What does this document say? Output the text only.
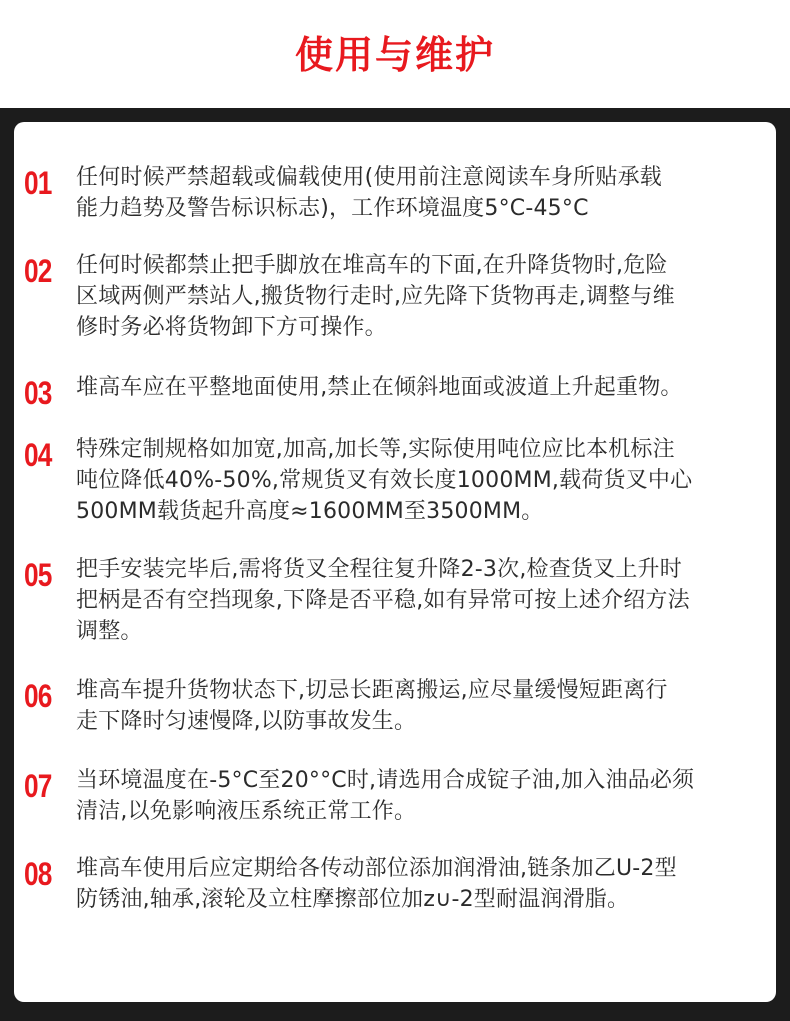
使用与维护
01 任何时候严禁超载或偏载使用(使用前注意阅读车身所贴承载
能力趋势及警告标识标志)，工作环境温度5°C-45°C
02 任何时候都禁止把手脚放在堆高车的下面,在升降货物时,危险
区域两侧严禁站人,搬货物行走时,应先降下货物再走,调整与维
修时务必将货物卸下方可操作。
03 堆高车应在平整地面使用,禁止在倾斜地面或波道上升起重物。
04 特殊定制规格如加宽,加高,加长等,实际使用吨位应比本机标注
吨位降低40%-50%,常规货叉有效长度1000MM,载荷货叉中心
500MM载货起升高度≈1600MM至3500MM。
05 把手安装完毕后,需将货叉全程往复升降2-3次,检查货叉上升时
把柄是否有空挡现象,下降是否平稳,如有异常可按上述介绍方法
调整。
06 堆高车提升货物状态下,切忌长距离搬运,应尽量缓慢短距离行
走下降时匀速慢降,以防事故发生。
07 当环境温度在-5°C至20°°C时,请选用合成锭子油,加入油品必须
清洁,以免影响液压系统正常工作。
08 堆高车使用后应定期给各传动部位添加润滑油,链条加乙U-2型
防锈油,轴承,滚轮及立柱摩擦部位加z∪-2型耐温润滑脂。
